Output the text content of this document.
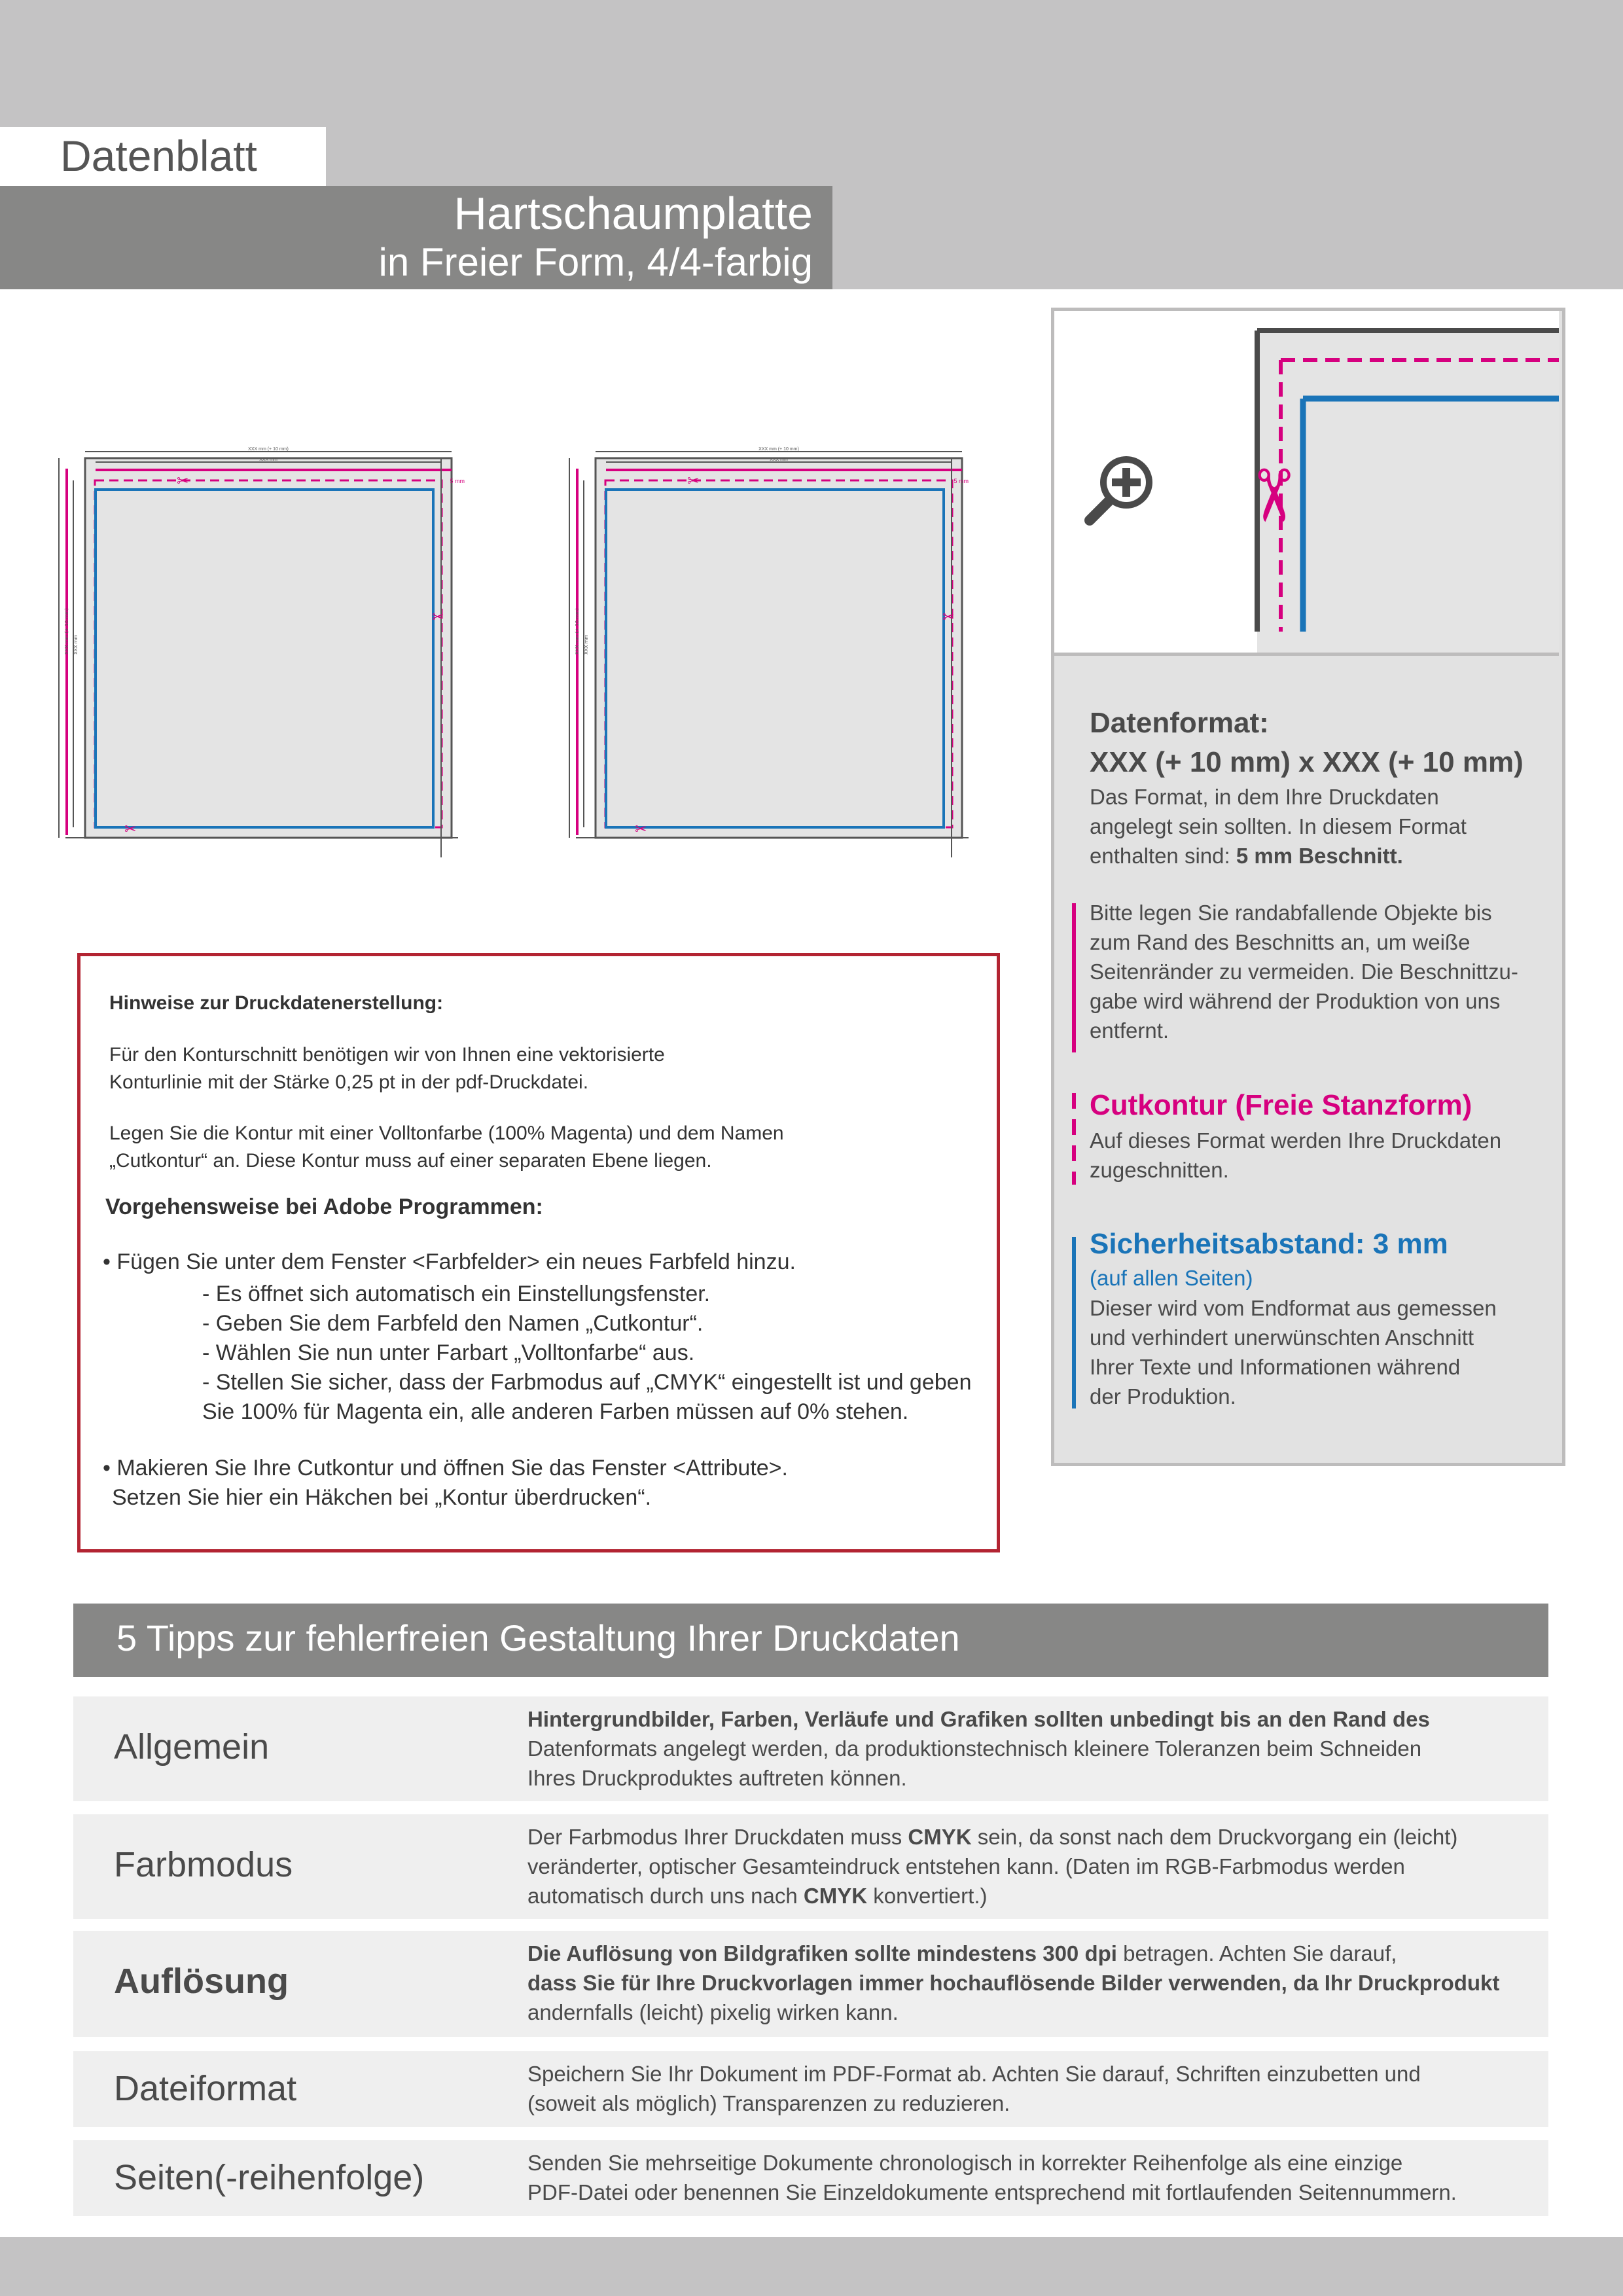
Datenblatt
Hartschaumplatte
in Freier Form, 4/4-farbig
XXX mm (+ 10 mm)
XXX mm
5 mm
✂
✂
✂
XXX mm (+ 10 mm) XXX mm
XXX mm (+ 10 mm)
XXX mm
5 mm
✂
✂
✂
XXX mm (+ 10 mm) XXX mm
✂
Datenformat:
XXX (+ 10 mm) x XXX (+ 10 mm)
Das Format, in dem Ihre Druckdaten
angelegt sein sollten. In diesem Format
enthalten sind: 5 mm Beschnitt.
Bitte legen Sie randabfallende Objekte bis
zum Rand des Beschnitts an, um weiße
Seitenränder zu vermeiden. Die Beschnittzu-
gabe wird während der Produktion von uns
entfernt.
Cutkontur (Freie Stanzform)
Auf dieses Format werden Ihre Druckdaten
zugeschnitten.
Sicherheitsabstand: 3 mm
(auf allen Seiten)
Dieser wird vom Endformat aus gemessen
und verhindert unerwünschten Anschnitt
Ihrer Texte und Informationen während
der Produktion.
Hinweise zur Druckdatenerstellung:
Für den Konturschnitt benötigen wir von Ihnen eine vektorisierte
Konturlinie mit der Stärke 0,25 pt in der pdf-Druckdatei.
Legen Sie die Kontur mit einer Volltonfarbe (100% Magenta) und dem Namen
„Cutkontur“ an. Diese Kontur muss auf einer separaten Ebene liegen.
Vorgehensweise bei Adobe Programmen:
• Fügen Sie unter dem Fenster <Farbfelder> ein neues Farbfeld hinzu.
- Es öffnet sich automatisch ein Einstellungsfenster.
- Geben Sie dem Farbfeld den Namen „Cutkontur“.
- Wählen Sie nun unter Farbart „Volltonfarbe“ aus.
- Stellen Sie sicher, dass der Farbmodus auf „CMYK“ eingestellt ist und geben
Sie 100% für Magenta ein, alle anderen Farben müssen auf 0% stehen.
• Makieren Sie Ihre Cutkontur und öffnen Sie das Fenster <Attribute>.
Setzen Sie hier ein Häkchen bei „Kontur überdrucken“.
5 Tipps zur fehlerfreien Gestaltung Ihrer Druckdaten
Allgemein
Hintergrundbilder, Farben, Verläufe und Grafiken sollten unbedingt bis an den Rand des
Datenformats angelegt werden, da produktionstechnisch kleinere Toleranzen beim Schneiden
Ihres Druckproduktes auftreten können.
Farbmodus
Der Farbmodus Ihrer Druckdaten muss CMYK sein, da sonst nach dem Druckvorgang ein (leicht)
veränderter, optischer Gesamteindruck entstehen kann. (Daten im RGB-Farbmodus werden
automatisch durch uns nach CMYK konvertiert.)
Auflösung
Die Auflösung von Bildgrafiken sollte mindestens 300 dpi betragen. Achten Sie darauf,
dass Sie für Ihre Druckvorlagen immer hochauflösende Bilder verwenden, da Ihr Druckprodukt
andernfalls (leicht) pixelig wirken kann.
Dateiformat	Speichern Sie Ihr Dokument im PDF-Format ab. Achten Sie darauf, Schriften einzubetten und
(soweit als möglich) Transparenzen zu reduzieren.
Seiten(-reihenfolge)	Senden Sie mehrseitige Dokumente chronologisch in korrekter Reihenfolge als eine einzige
PDF-Datei oder benennen Sie Einzeldokumente entsprechend mit fortlaufenden Seitennummern.
